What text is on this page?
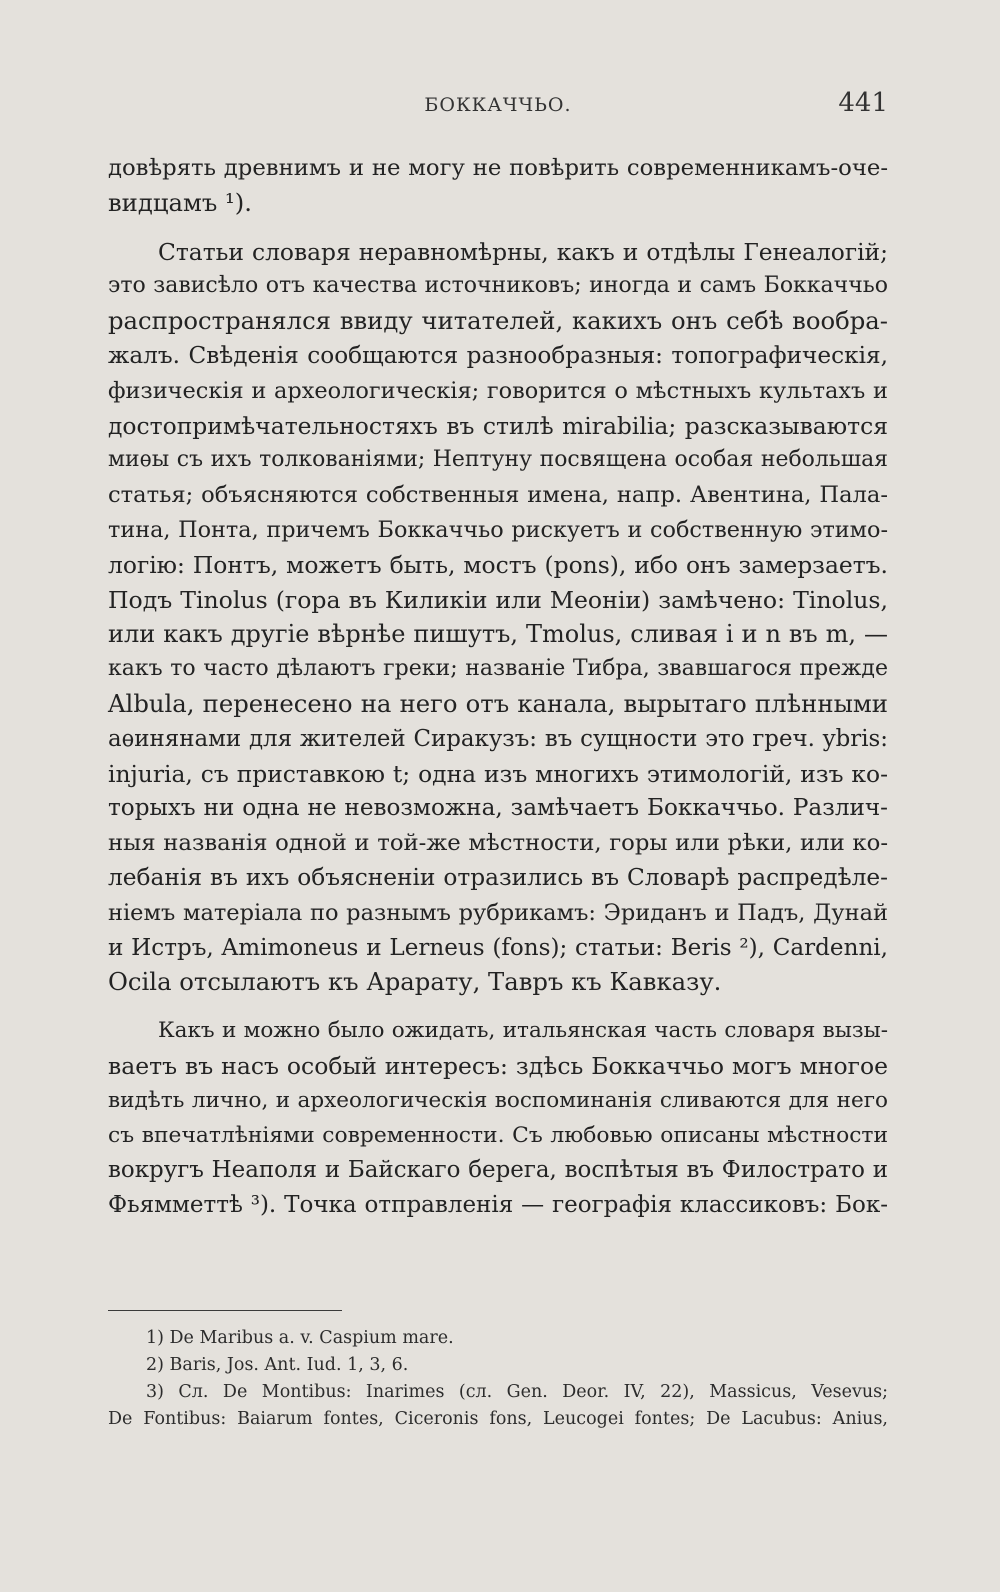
БОККАЧЧЬО.	441
довѣрять древнимъ и не могу не повѣрить современникамъ-оче-
видцамъ ¹).
Статьи словаря неравномѣрны, какъ и отдѣлы Генеалогій;
это зависѣло отъ качества источниковъ; иногда и самъ Боккаччьо
распространялся ввиду читателей, какихъ онъ себѣ вообра-
жалъ. Свѣденія сообщаются разнообразныя: топографическія,
физическія и археологическія; говорится о мѣстныхъ культахъ и
достопримѣчательностяхъ въ стилѣ mirabilia; разсказываются
миѳы съ ихъ толкованіями; Нептуну посвящена особая небольшая
статья; объясняются собственныя имена, напр. Авентина, Пала-
тина, Понта, причемъ Боккаччьо рискуетъ и собственную этимо-
логію: Понтъ, можетъ быть, мостъ (pons), ибо онъ замерзаетъ.
Подъ Tinolus (гора въ Киликіи или Меоніи) замѣчено: Tinolus,
или какъ другіе вѣрнѣе пишутъ, Tmolus, сливая i и n въ m, —
какъ то часто дѣлаютъ греки; названіе Тибра, звавшагося прежде
Albula, перенесено на него отъ канала, вырытаго плѣнными
аѳинянами для жителей Сиракузъ: въ сущности это греч. ybris:
injuria, съ приставкою t; одна изъ многихъ этимологій, изъ ко-
торыхъ ни одна не невозможна, замѣчаетъ Боккаччьо. Различ-
ныя названія одной и той-же мѣстности, горы или рѣки, или ко-
лебанія въ ихъ объясненіи отразились въ Словарѣ распредѣле-
ніемъ матеріала по разнымъ рубрикамъ: Эриданъ и Падъ, Дунай
и Истръ, Amimoneus и Lerneus (fons); статьи: Beris ²), Cardenni,
Ocila отсылаютъ къ Арарату, Тавръ къ Кавказу.
Какъ и можно было ожидать, итальянская часть словаря вызы-
ваетъ въ насъ особый интересъ: здѣсь Боккаччьо могъ многое
видѣть лично, и археологическія воспоминанія сливаются для него
съ впечатлѣніями современности. Съ любовью описаны мѣстности
вокругъ Неаполя и Байскаго берега, воспѣтыя въ Филострато и
Фьямметтѣ ³). Точка отправленія — географія классиковъ: Бок-
1) De Maribus a. v. Caspium mare.
2) Baris, Jos. Ant. Iud. 1, 3, 6.
3) Сл. De Montibus: Inarimes (сл. Gen. Deor. IV, 22), Massicus, Vesevus;
De Fontibus: Baiarum fontes, Ciceronis fons, Leucogei fontes; De Lacubus: Anius,
